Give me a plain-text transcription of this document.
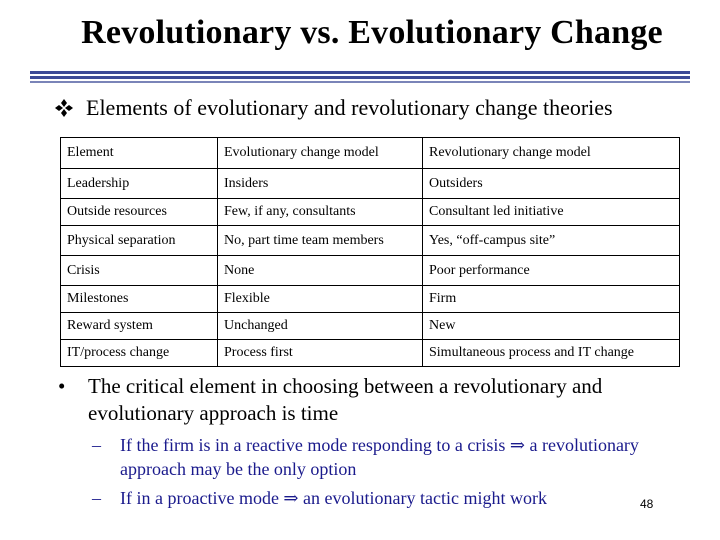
Revolutionary vs. Evolutionary Change
Elements of evolutionary and revolutionary change theories
Element	Evolutionary change model	Revolutionary change model
Leadership	Insiders	Outsiders
Outside resources	Few, if any, consultants	Consultant led initiative
Physical separation	No, part time team members	Yes, “off-campus site”
Crisis	None	Poor performance
Milestones	Flexible	Firm
Reward system	Unchanged	New
IT/process change	Process first	Simultaneous process and IT change
•	The critical element in choosing between a revolutionary and evolutionary approach is time
–	If the firm is in a reactive mode responding to a crisis ⇒ a revolutionary approach may be the only option
–	If in a proactive mode ⇒ an evolutionary tactic might work	48
